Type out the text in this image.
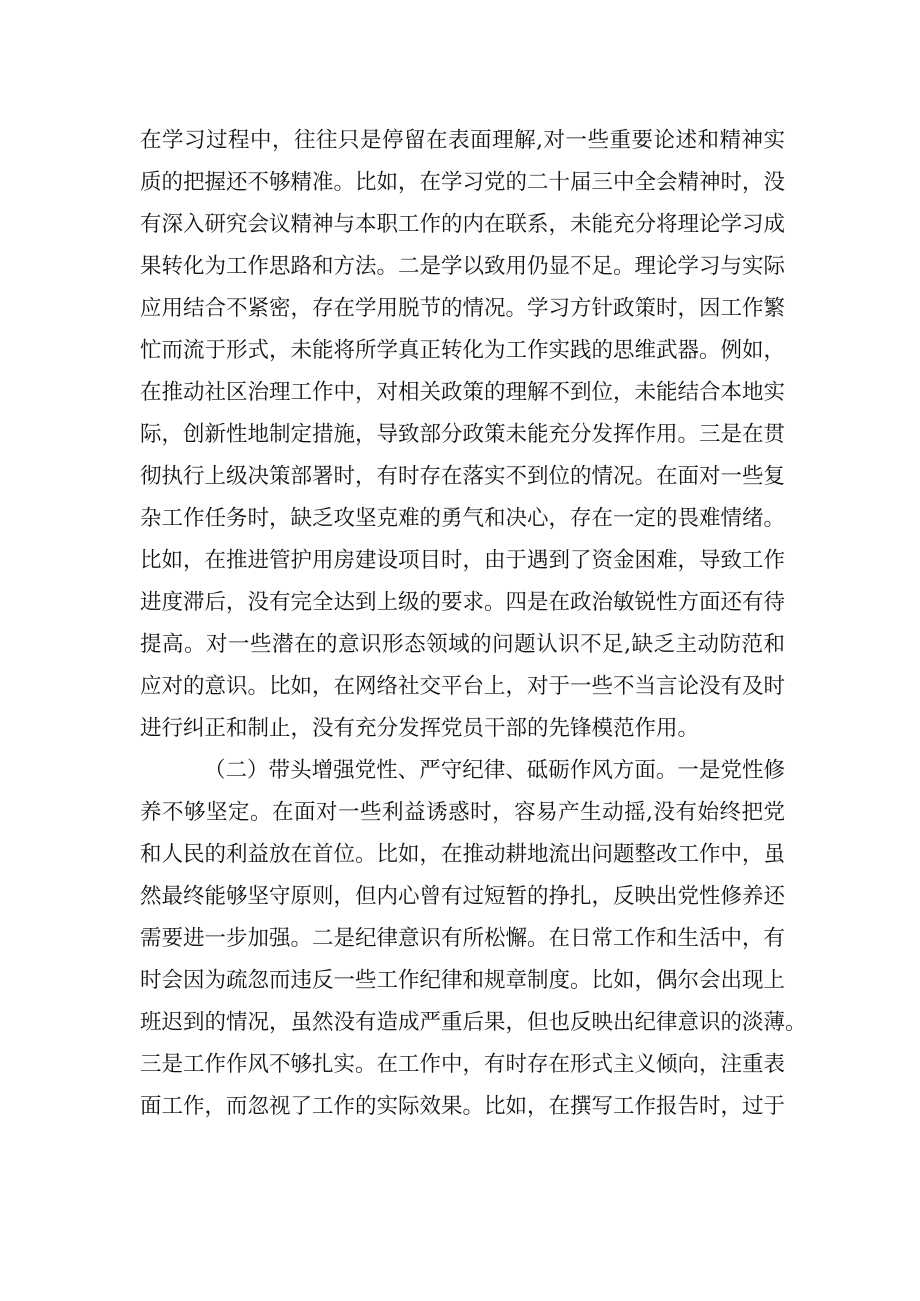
在学习过程中，往往只是停留在表面理解,对一些重要论述和精神实
质的把握还不够精准。比如，在学习党的二十届三中全会精神时，没
有深入研究会议精神与本职工作的内在联系，未能充分将理论学习成
果转化为工作思路和方法。二是学以致用仍显不足。理论学习与实际
应用结合不紧密，存在学用脱节的情况。学习方针政策时，因工作繁
忙而流于形式，未能将所学真正转化为工作实践的思维武器。例如，
在推动社区治理工作中，对相关政策的理解不到位，未能结合本地实
际，创新性地制定措施，导致部分政策未能充分发挥作用。三是在贯
彻执行上级决策部署时，有时存在落实不到位的情况。在面对一些复
杂工作任务时，缺乏攻坚克难的勇气和决心，存在一定的畏难情绪。
比如，在推进管护用房建设项目时，由于遇到了资金困难，导致工作
进度滞后，没有完全达到上级的要求。四是在政治敏锐性方面还有待
提高。对一些潜在的意识形态领域的问题认识不足,缺乏主动防范和
应对的意识。比如，在网络社交平台上，对于一些不当言论没有及时
进行纠正和制止，没有充分发挥党员干部的先锋模范作用。
（二）带头增强党性、严守纪律、砥砺作风方面。一是党性修
养不够坚定。在面对一些利益诱惑时，容易产生动摇,没有始终把党
和人民的利益放在首位。比如，在推动耕地流出问题整改工作中，虽
然最终能够坚守原则，但内心曾有过短暂的挣扎，反映出党性修养还
需要进一步加强。二是纪律意识有所松懈。在日常工作和生活中，有
时会因为疏忽而违反一些工作纪律和规章制度。比如，偶尔会出现上
班迟到的情况，虽然没有造成严重后果，但也反映出纪律意识的淡薄。
三是工作作风不够扎实。在工作中，有时存在形式主义倾向，注重表
面工作，而忽视了工作的实际效果。比如，在撰写工作报告时，过于
